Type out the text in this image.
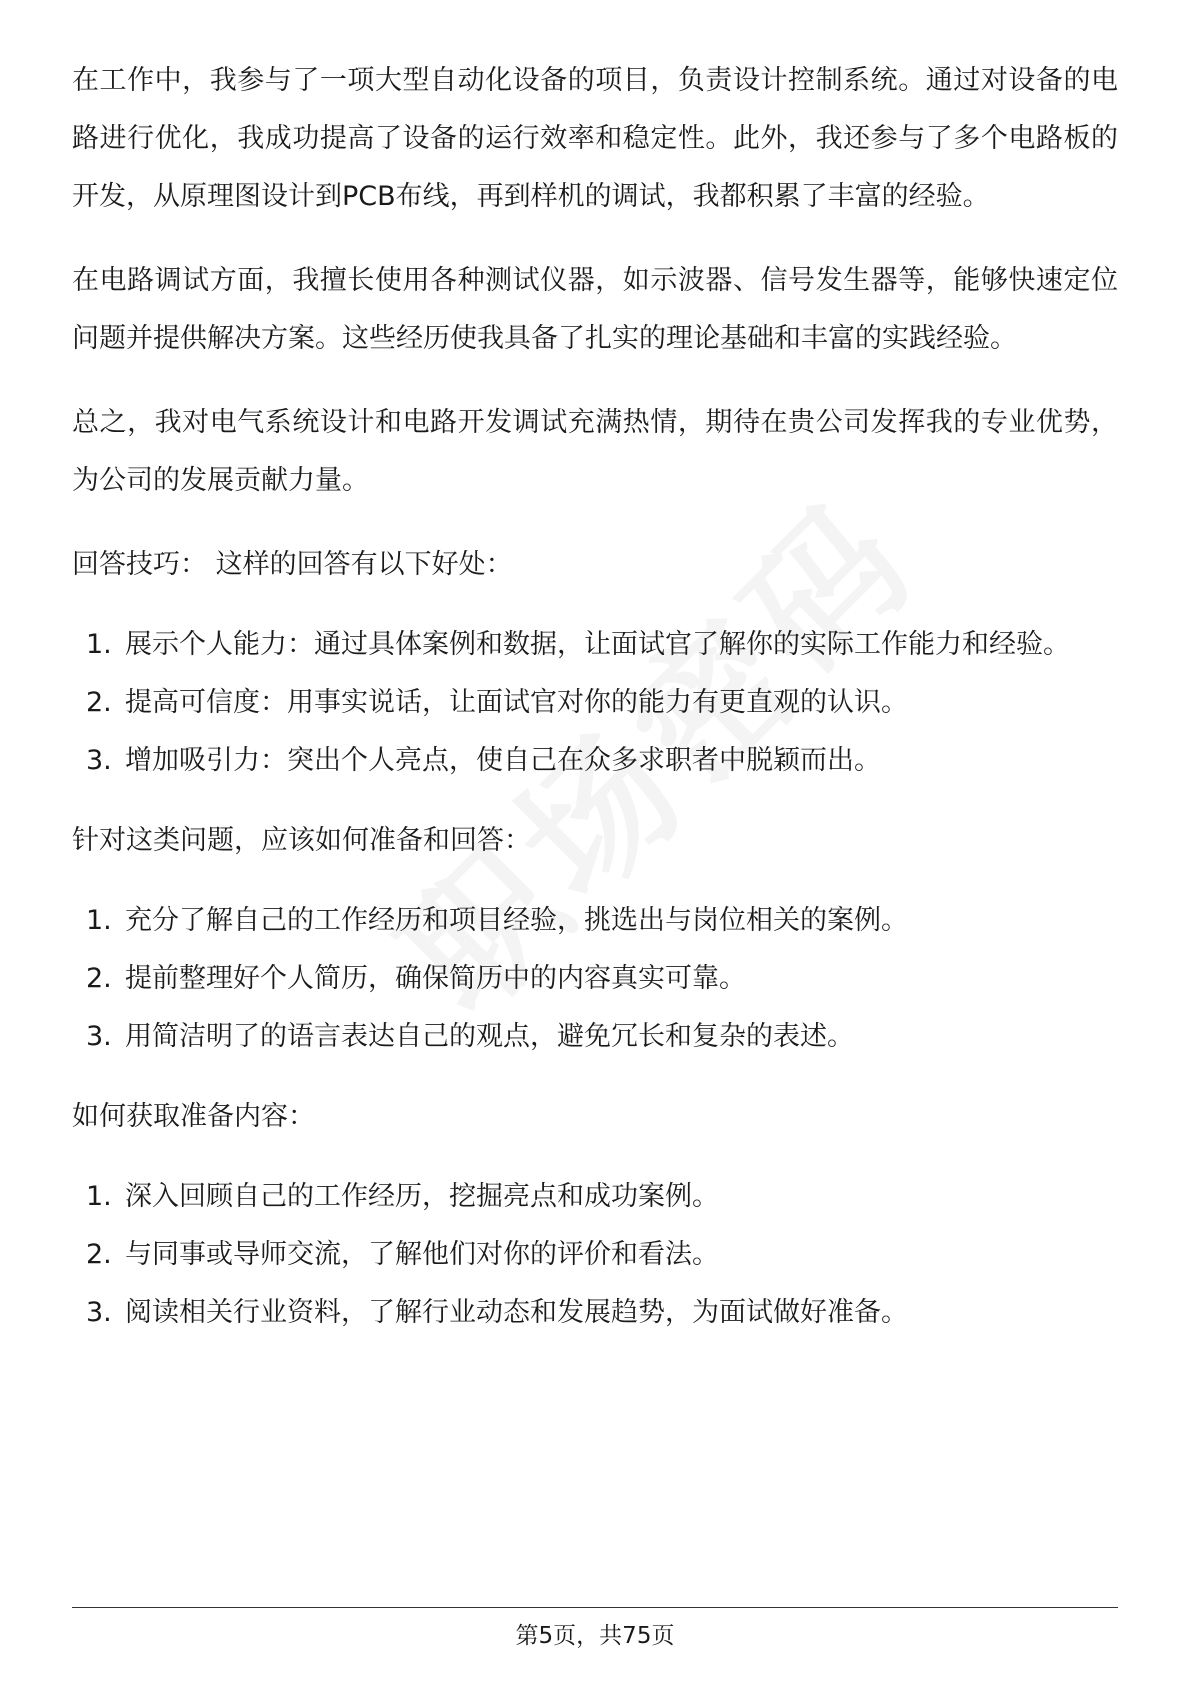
在工作中，我参与了一项大型自动化设备的项目，负责设计控制系统。通过对设备的电路进行优化，我成功提高了设备的运行效率和稳定性。此外，我还参与了多个电路板的开发，从原理图设计到PCB布线，再到样机的调试，我都积累了丰富的经验。

在电路调试方面，我擅长使用各种测试仪器，如示波器、信号发生器等，能够快速定位问题并提供解决方案。这些经历使我具备了扎实的理论基础和丰富的实践经验。

总之，我对电气系统设计和电路开发调试充满热情，期待在贵公司发挥我的专业优势，为公司的发展贡献力量。

回答技巧： 这样的回答有以下好处：
1. 展示个人能力：通过具体案例和数据，让面试官了解你的实际工作能力和经验。
2. 提高可信度：用事实说话，让面试官对你的能力有更直观的认识。
3. 增加吸引力：突出个人亮点，使自己在众多求职者中脱颖而出。
针对这类问题，应该如何准备和回答：
1. 充分了解自己的工作经历和项目经验，挑选出与岗位相关的案例。
2. 提前整理好个人简历，确保简历中的内容真实可靠。
3. 用简洁明了的语言表达自己的观点，避免冗长和复杂的表述。
如何获取准备内容：
1. 深入回顾自己的工作经历，挖掘亮点和成功案例。
2. 与同事或导师交流，了解他们对你的评价和看法。
3. 阅读相关行业资料，了解行业动态和发展趋势，为面试做好准备。
第5页，共75页
